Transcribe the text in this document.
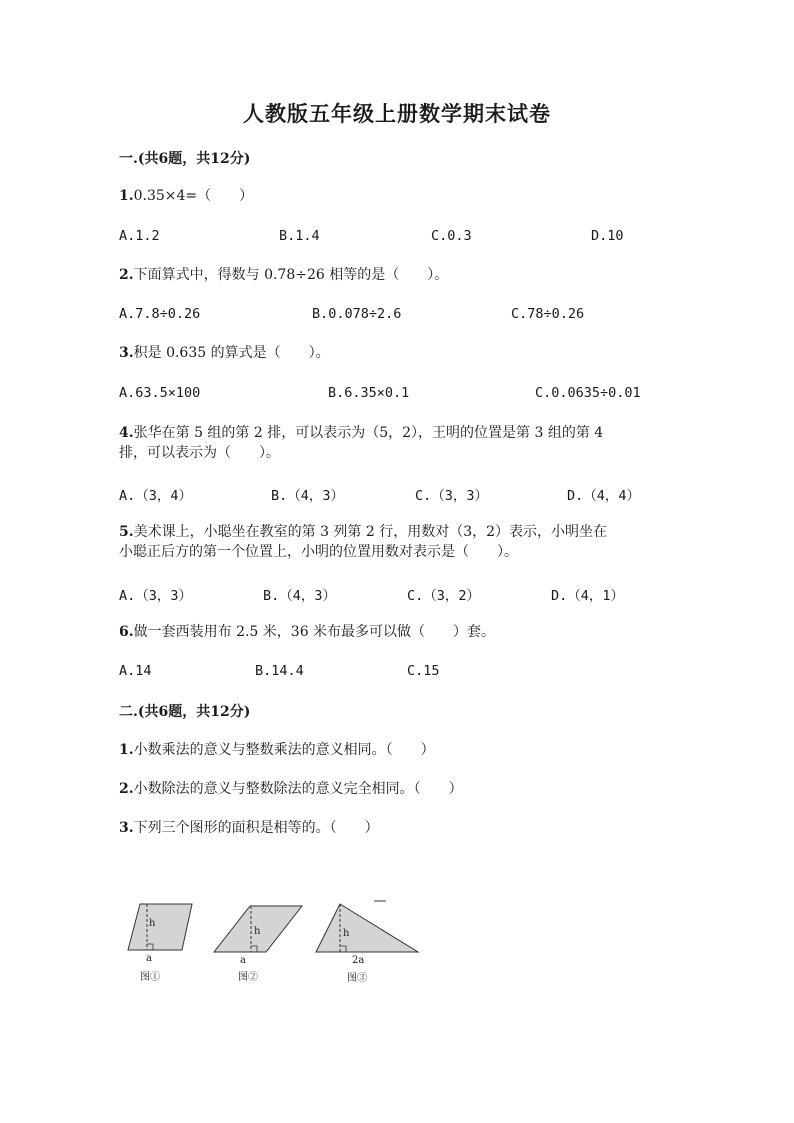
人教版五年级上册数学期末试卷
一.(共6题，共12分)
1.0.35×4=（　　）
A.1.2	B.1.4	C.0.3	D.10
2.下面算式中，得数与 0.78÷26 相等的是（　　）。
A.7.8÷0.26	B.0.078÷2.6	C.78÷0.26
3.积是 0.635 的算式是（　　）。
A.63.5×100	B.6.35×0.1	C.0.0635÷0.01
4.张华在第 5 组的第 2 排，可以表示为（5，2），王明的位置是第 3 组的第 4
排，可以表示为（　　）。
A.（3，4）	B.（4，3）	C.（3，3）	D.（4，4）
5.美术课上，小聪坐在教室的第 3 列第 2 行，用数对（3，2）表示，小明坐在
小聪正后方的第一个位置上，小明的位置用数对表示是（　　）。
A.（3，3）	B.（4，3）	C.（3，2）	D.（4，1）
6.做一套西装用布 2.5 米，36 米布最多可以做（　　）套。
A.14	B.14.4	C.15
二.(共6题，共12分)
1.小数乘法的意义与整数乘法的意义相同。（　　）
2.小数除法的意义与整数除法的意义完全相同。（　　）
3.下列三个图形的面积是相等的。（　　）
h
a
图①
h
a
图②
h
2a
图③
